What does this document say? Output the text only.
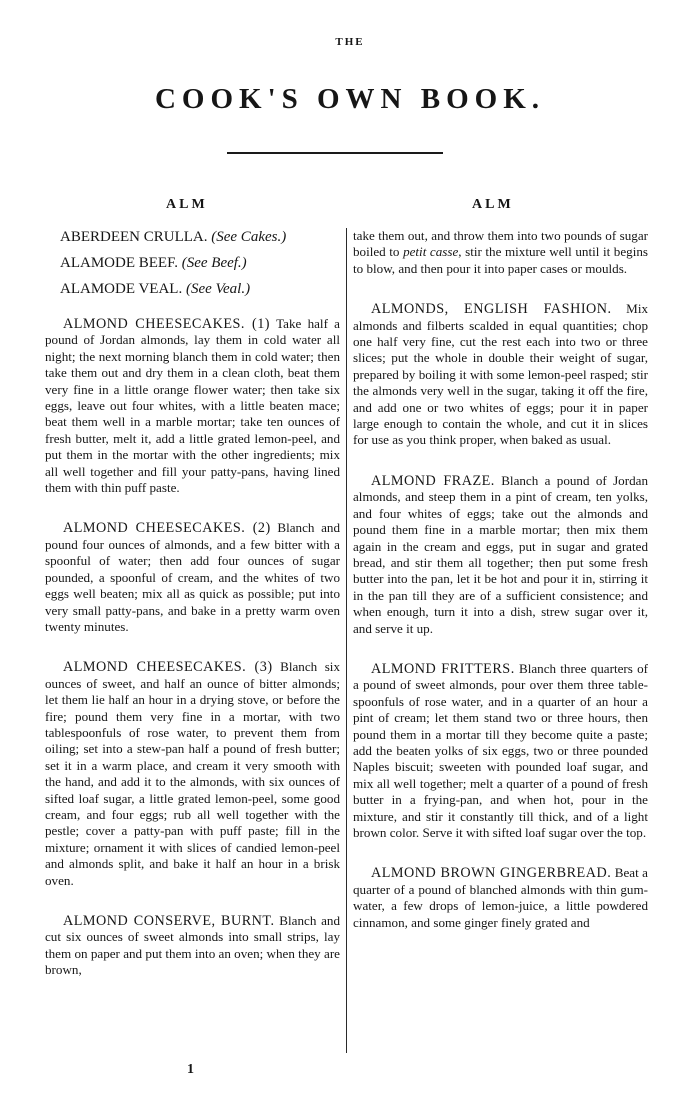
THE
COOK'S OWN BOOK.
ALM	ALM
ABERDEEN CRULLA. (See Cakes.)
ALAMODE BEEF. (See Beef.)
ALAMODE VEAL. (See Veal.)

ALMOND CHEESECAKES. (1) Take half a pound of Jordan almonds, lay them in cold water all night; the next morning blanch them in cold water; then take them out and dry them in a clean cloth, beat them very fine in a little orange flower water; then take six eggs, leave out four whites, with a little beaten mace; beat them well in a marble mortar; take ten ounces of fresh butter, melt it, add a little grated lemon-peel, and put them in the mortar with the other ingredients; mix all well together and fill your patty-pans, having lined them with thin puff paste.

ALMOND CHEESECAKES. (2) Blanch and pound four ounces of almonds, and a few bitter with a spoonful of water; then add four ounces of sugar pounded, a spoonful of cream, and the whites of two eggs well beaten; mix all as quick as possible; put into very small patty-pans, and bake in a pretty warm oven twenty minutes.

ALMOND CHEESECAKES. (3) Blanch six ounces of sweet, and half an ounce of bitter almonds; let them lie half an hour in a drying stove, or before the fire; pound them very fine in a mortar, with two tablespoonfuls of rose water, to prevent them from oiling; set into a stew-pan half a pound of fresh butter; set it in a warm place, and cream it very smooth with the hand, and add it to the almonds, with six ounces of sifted loaf sugar, a little grated lemon-peel, some good cream, and four eggs; rub all well together with the pestle; cover a patty-pan with puff paste; fill in the mixture; ornament it with slices of candied lemon-peel and almonds split, and bake it half an hour in a brisk oven.

ALMOND CONSERVE, BURNT. Blanch and cut six ounces of sweet almonds into small strips, lay them on paper and put them into an oven; when they are brown,

take them out, and throw them into two pounds of sugar boiled to petit casse, stir the mixture well until it begins to blow, and then pour it into paper cases or moulds.

ALMONDS, ENGLISH FASHION. Mix almonds and filberts scalded in equal quantities; chop one half very fine, cut the rest each into two or three slices; put the whole in double their weight of sugar, prepared by boiling it with some lemon-peel rasped; stir the almonds very well in the sugar, taking it off the fire, and add one or two whites of eggs; pour it in paper large enough to contain the whole, and cut it in slices for use as you think proper, when baked as usual.

ALMOND FRAZE. Blanch a pound of Jordan almonds, and steep them in a pint of cream, ten yolks, and four whites of eggs; take out the almonds and pound them fine in a marble mortar; then mix them again in the cream and eggs, put in sugar and grated bread, and stir them all together; then put some fresh butter into the pan, let it be hot and pour it in, stirring it in the pan till they are of a sufficient consistence; and when enough, turn it into a dish, strew sugar over it, and serve it up.

ALMOND FRITTERS. Blanch three quarters of a pound of sweet almonds, pour over them three table-spoonfuls of rose water, and in a quarter of an hour a pint of cream; let them stand two or three hours, then pound them in a mortar till they become quite a paste; add the beaten yolks of six eggs, two or three pounded Naples biscuit; sweeten with pounded loaf sugar, and mix all well together; melt a quarter of a pound of fresh butter in a frying-pan, and when hot, pour in the mixture, and stir it constantly till thick, and of a light brown color. Serve it with sifted loaf sugar over the top.

ALMOND BROWN GINGERBREAD. Beat a quarter of a pound of blanched almonds with thin gum-water, a few drops of lemon-juice, a little powdered cinnamon, and some ginger finely grated and

1
